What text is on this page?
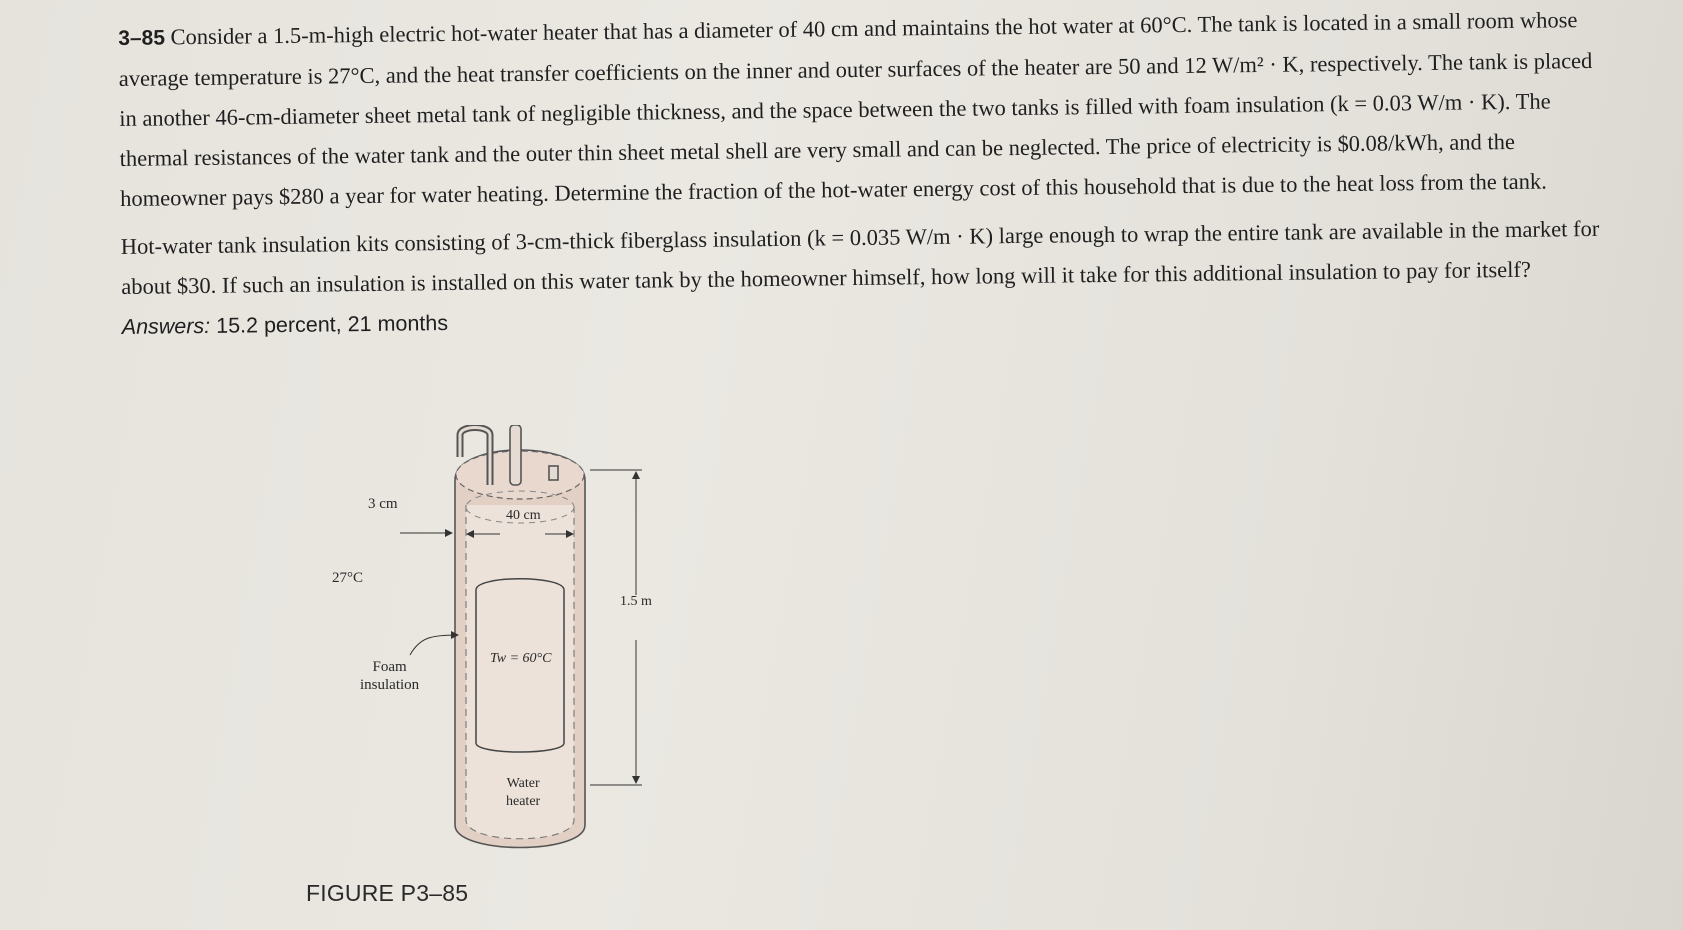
3–85 Consider a 1.5-m-high electric hot-water heater that has a diameter of 40 cm and maintains the hot water at 60°C. The tank is located in a small room whose average temperature is 27°C, and the heat transfer coefficients on the inner and outer surfaces of the heater are 50 and 12 W/m² · K, respectively. The tank is placed in another 46-cm-diameter sheet metal tank of negligible thickness, and the space between the two tanks is filled with foam insulation (k = 0.03 W/m · K). The thermal resistances of the water tank and the outer thin sheet metal shell are very small and can be neglected. The price of electricity is $0.08/kWh, and the homeowner pays $280 a year for water heating. Determine the fraction of the hot-water energy cost of this household that is due to the heat loss from the tank.

Hot-water tank insulation kits consisting of 3-cm-thick fiberglass insulation (k = 0.035 W/m · K) large enough to wrap the entire tank are available in the market for about $30. If such an insulation is installed on this water tank by the homeowner himself, how long will it take for this additional insulation to pay for itself? Answers: 15.2 percent, 21 months

3 cm
40 cm
27°C
1.5 m
Tw = 60°C
Foam
insulation
Water
heater
FIGURE P3–85
